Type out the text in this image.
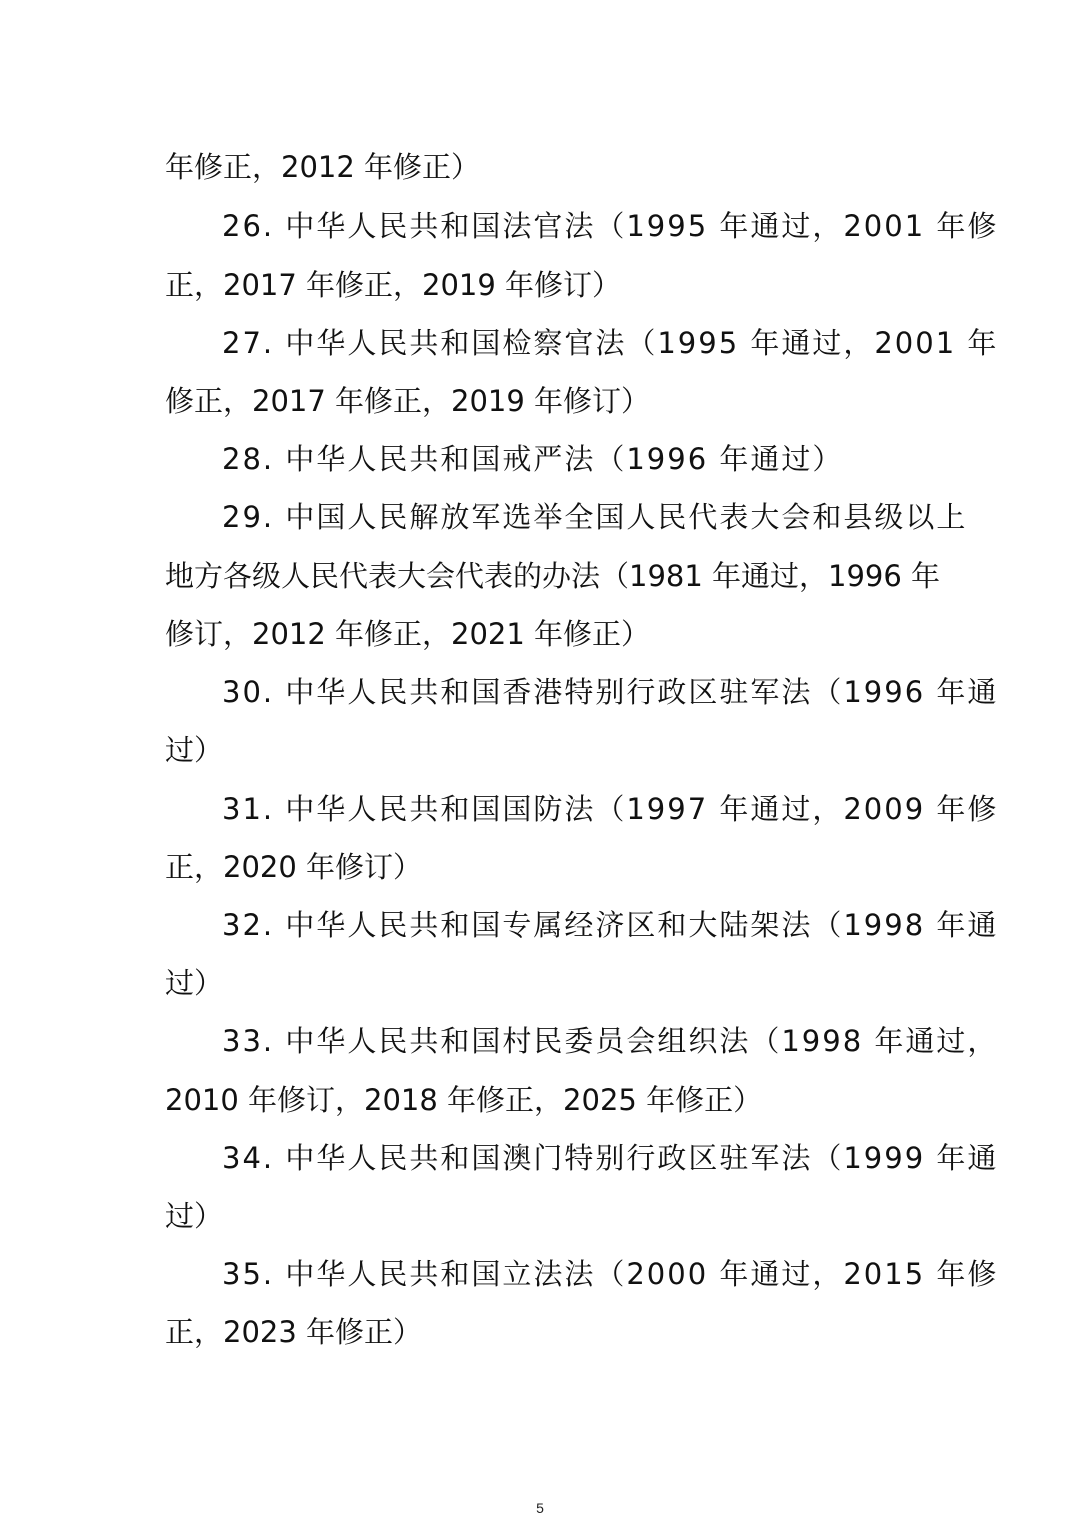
年修正，2012 年修正）
26. 中华人民共和国法官法（1995 年通过，2001 年修
正，2017 年修正，2019 年修订）
27. 中华人民共和国检察官法（1995 年通过，2001 年
修正，2017 年修正，2019 年修订）
28. 中华人民共和国戒严法（1996 年通过）
29. 中国人民解放军选举全国人民代表大会和县级以上
地方各级人民代表大会代表的办法（1981 年通过，1996 年
修订，2012 年修正，2021 年修正）
30. 中华人民共和国香港特别行政区驻军法（1996 年通
过）
31. 中华人民共和国国防法（1997 年通过，2009 年修
正，2020 年修订）
32. 中华人民共和国专属经济区和大陆架法（1998 年通
过）
33. 中华人民共和国村民委员会组织法（1998 年通过，
2010 年修订，2018 年修正，2025 年修正）
34. 中华人民共和国澳门特别行政区驻军法（1999 年通
过）
35. 中华人民共和国立法法（2000 年通过，2015 年修
正，2023 年修正）
5
